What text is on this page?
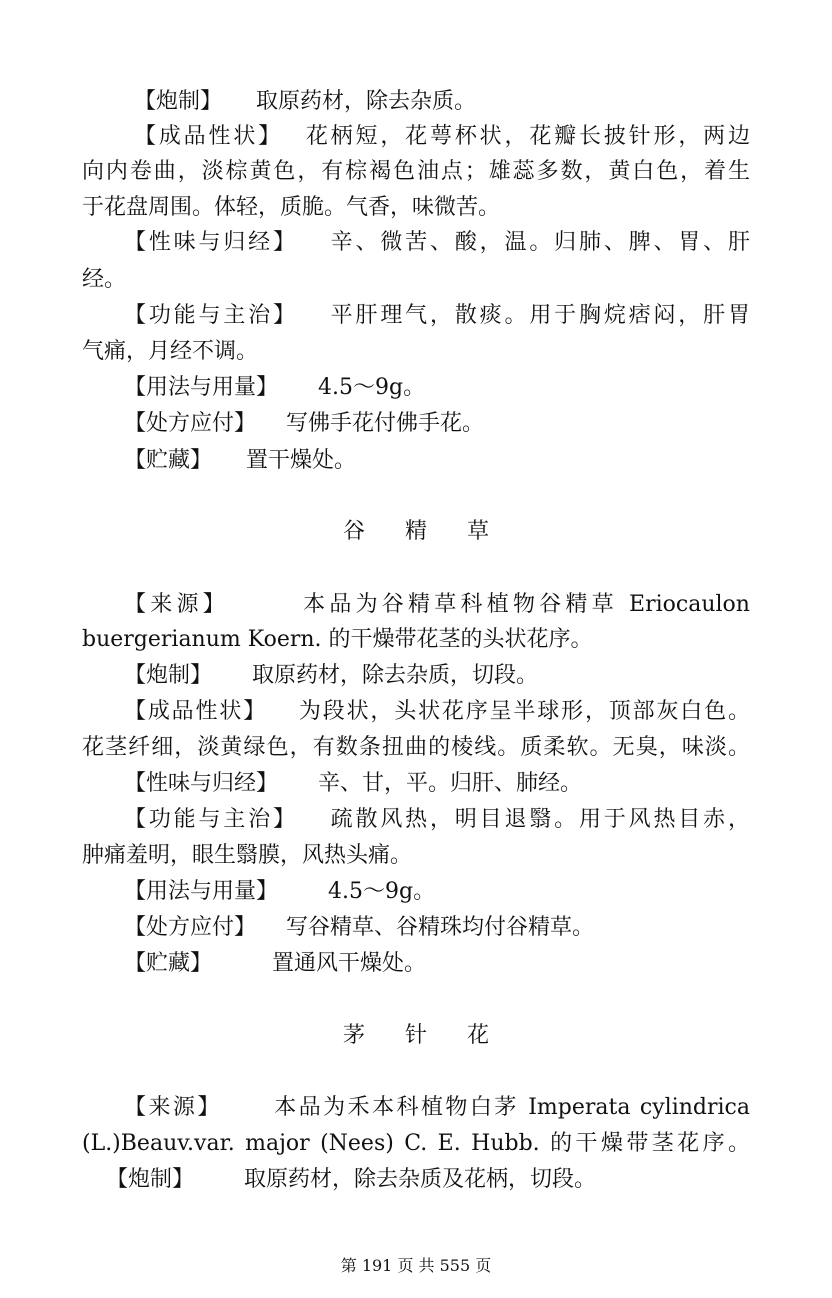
【炮制】 取原药材，除去杂质。
【成品性状】 花柄短，花萼杯状，花瓣长披针形，两边
向内卷曲，淡棕黄色，有棕褐色油点；雄蕊多数，黄白色，着生
于花盘周围。体轻，质脆。气香，味微苦。
【性味与归经】 辛、微苦、酸，温。归肺、脾、胃、肝
经。
【功能与主治】 平肝理气，散痰。用于胸烷痞闷，肝胃
气痛，月经不调。
【用法与用量】 4.5～9g。
【处方应付】 写佛手花付佛手花。
【贮藏】 置干燥处。
谷精草
【来源】	本品为谷精草科植物谷精草 Eriocaulon
buergerianum Koern. 的干燥带花茎的头状花序。
【炮制】 取原药材，除去杂质，切段。
【成品性状】 为段状，头状花序呈半球形，顶部灰白色。
花茎纤细，淡黄绿色，有数条扭曲的棱线。质柔软。无臭，味淡。
【性味与归经】 辛、甘，平。归肝、肺经。
【功能与主治】 疏散风热，明目退翳。用于风热目赤，
肿痛羞明，眼生翳膜，风热头痛。
【用法与用量】 4.5～9g。
【处方应付】 写谷精草、谷精珠均付谷精草。
【贮藏】	置通风干燥处。
茅针花
【来源】 本品为禾本科植物白茅 Imperata cylindrica
(L.)Beauv.var. major (Nees) C. E. Hubb. 的干燥带茎花序。
【炮制】 取原药材，除去杂质及花柄，切段。
第 191 页 共 555 页
